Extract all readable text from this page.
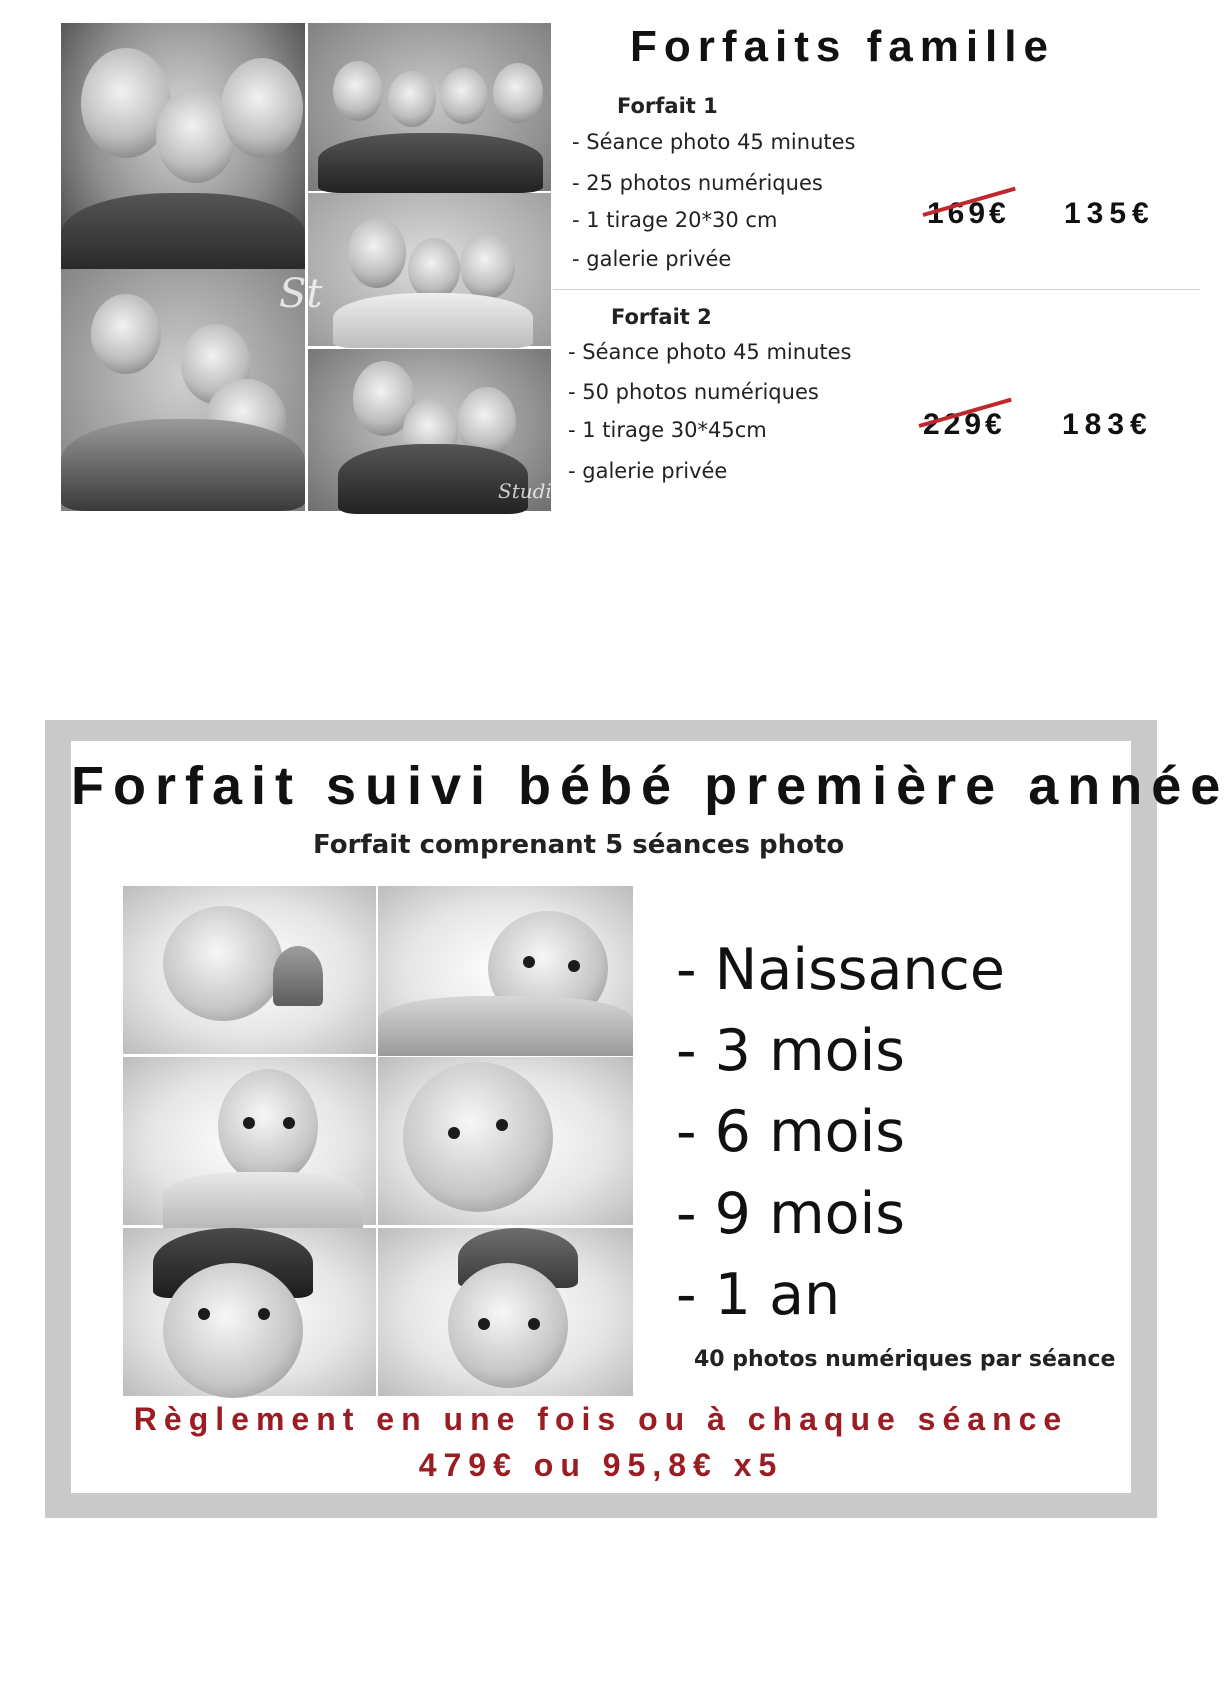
St
Studio
Forfaits famille
Forfait 1
- Séance photo 45 minutes
- 25 photos numériques
- 1 tirage 20*30 cm
- galerie privée
169€ 135€
Forfait 2
- Séance photo 45 minutes
- 50 photos numériques
- 1 tirage 30*45cm
- galerie privée
229€ 183€
Forfait suivi bébé première année
Forfait comprenant 5 séances photo
- Naissance
- 3 mois
- 6 mois
- 9 mois
- 1 an
40 photos numériques par séance
Règlement en une fois ou à chaque séance
479€ ou 95,8€ x5
